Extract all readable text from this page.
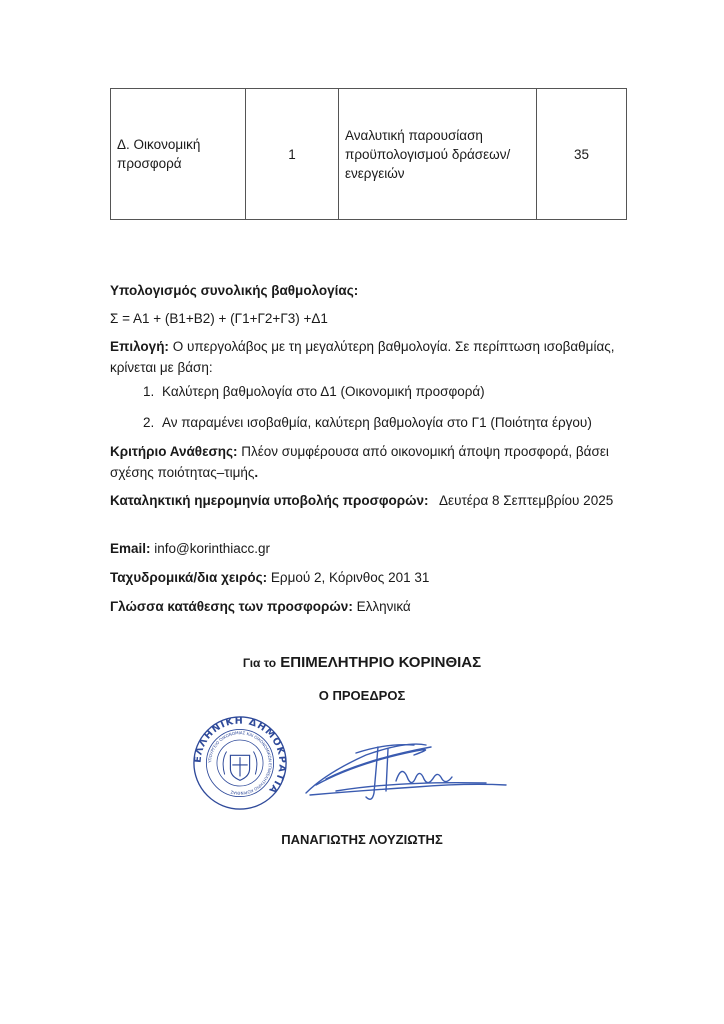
Δ. Οικονομική προσφορά	1	Αναλυτική παρουσίαση προϋπολογισμού δράσεων/ενεργειών	35
Υπολογισμός συνολικής βαθμολογίας:
Σ = Α1 + (Β1+Β2) + (Γ1+Γ2+Γ3) +Δ1
Επιλογή: Ο υπεργολάβος με τη μεγαλύτερη βαθμολογία. Σε περίπτωση ισοβαθμίας, κρίνεται με βάση:
1. Καλύτερη βαθμολογία στο Δ1 (Οικονομική προσφορά)
2. Αν παραμένει ισοβαθμία, καλύτερη βαθμολογία στο Γ1 (Ποιότητα έργου)
Κριτήριο Ανάθεσης: Πλέον συμφέρουσα από οικονομική άποψη προσφορά, βάσει σχέσης ποιότητας–τιμής.
Καταληκτική ημερομηνία υποβολής προσφορών: Δευτέρα 8 Σεπτεμβρίου 2025
Email: info@korinthiacc.gr
Ταχυδρομικά/δια χειρός: Ερμού 2, Κόρινθος 201 31
Γλώσσα κατάθεσης των προσφορών: Ελληνικά
Για το ΕΠΙΜΕΛΗΤΗΡΙΟ ΚΟΡΙΝΘΙΑΣ
Ο ΠΡΟΕΔΡΟΣ
ΕΛΛΗΝΙΚΗ ΔΗΜΟΚΡΑΤΙΑ
ΥΠΟΥΡΓΕΙΟ ΟΙΚΟΝΟΜΙΑΣ ΚΑΙ ΟΙΚΟΝΟΜΙΚΩΝ ΕΠΙΜΕΛΗΤΗΡΙΟ ΚΟΡΙΝΘΙΑΣ
ΠΑΝΑΓΙΩΤΗΣ ΛΟΥΖΙΩΤΗΣ
